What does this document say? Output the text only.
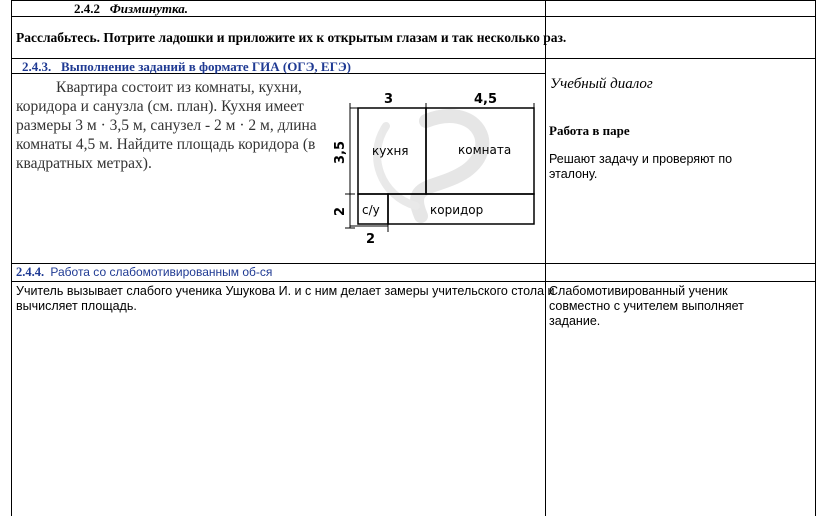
2.4.2 Физминутка.
Расслабьтесь. Потрите ладошки и приложите их к открытым глазам и так несколько раз.
2.4.3. Выполнение заданий в формате ГИА (ОГЭ, ЕГЭ)
Квартира состоит из комнаты, кухни,
коридора и санузла (см. план). Кухня имеет
размеры 3 м · 3,5 м, санузел - 2 м · 2 м, длина
комнаты 4,5 м. Найдите площадь коридора (в
квадратных метрах).
3	4,5
3,5
2
2
кухня	комната
с/у	коридор
Учебный диалог
Работа в паре
Решают задачу и проверяют по
эталону.
2.4.4. Работа со слабомотивированным об-ся
Учитель вызывает слабого ученика Ушукова И. и с ним делает замеры учительского стола и
вычисляет площадь.
Слабомотивированный ученик
совместно с учителем выполняет
задание.
